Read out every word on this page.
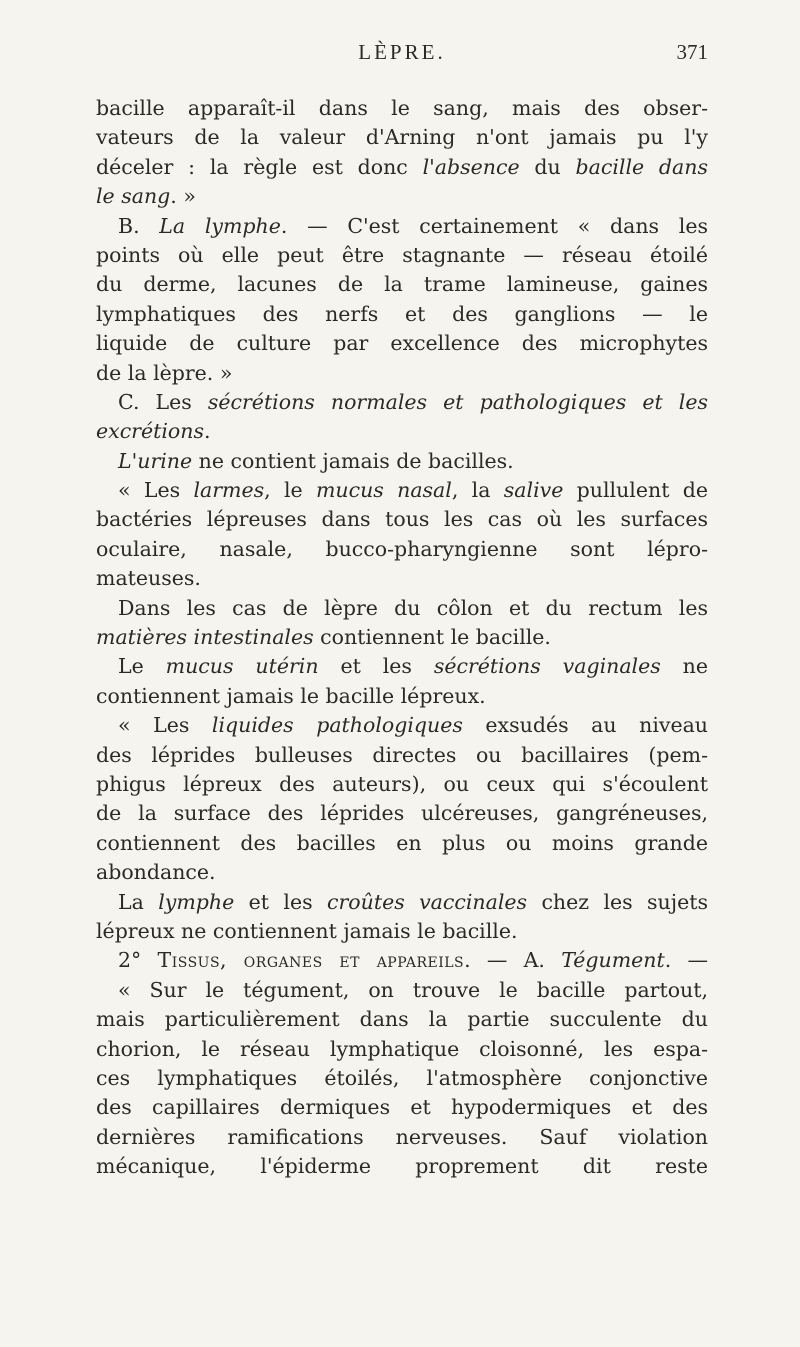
LÈPRE.	371
bacille apparaît-il dans le sang, mais des obser-
vateurs de la valeur d'Arning n'ont jamais pu l'y
déceler : la règle est donc l'absence du bacille dans
le sang. »
B. La lymphe. — C'est certainement « dans les
points où elle peut être stagnante — réseau étoilé
du derme, lacunes de la trame lamineuse, gaines
lymphatiques des nerfs et des ganglions — le
liquide de culture par excellence des microphytes
de la lèpre. »
C. Les sécrétions normales et pathologiques et les
excrétions.
L'urine ne contient jamais de bacilles.
« Les larmes, le mucus nasal, la salive pullulent de
bactéries lépreuses dans tous les cas où les surfaces
oculaire, nasale, bucco-pharyngienne sont lépro-
mateuses.
Dans les cas de lèpre du côlon et du rectum les
matières intestinales contiennent le bacille.
Le mucus utérin et les sécrétions vaginales ne
contiennent jamais le bacille lépreux.
« Les liquides pathologiques exsudés au niveau
des léprides bulleuses directes ou bacillaires (pem-
phigus lépreux des auteurs), ou ceux qui s'écoulent
de la surface des léprides ulcéreuses, gangréneuses,
contiennent des bacilles en plus ou moins grande
abondance.
La lymphe et les croûtes vaccinales chez les sujets
lépreux ne contiennent jamais le bacille.
2° Tissus, organes et appareils. — A. Tégument. —
« Sur le tégument, on trouve le bacille partout,
mais particulièrement dans la partie succulente du
chorion, le réseau lymphatique cloisonné, les espa-
ces lymphatiques étoilés, l'atmosphère conjonctive
des capillaires dermiques et hypodermiques et des
dernières ramifications nerveuses. Sauf violation
mécanique, l'épiderme proprement dit reste
